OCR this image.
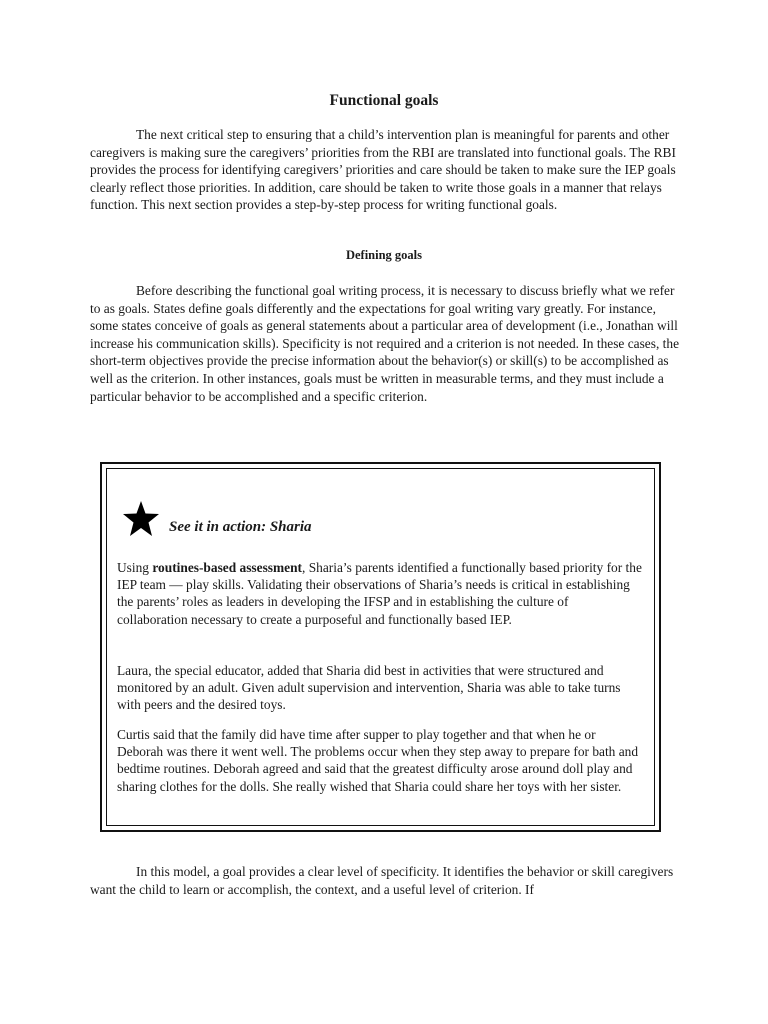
Functional goals

The next critical step to ensuring that a child’s intervention plan is meaningful for parents and other caregivers is making sure the caregivers’ priorities from the RBI are translated into functional goals. The RBI provides the process for identifying caregivers’ priorities and care should be taken to make sure the IEP goals clearly reflect those priorities. In addition, care should be taken to write those goals in a manner that relays function. This next section provides a step-by-step process for writing functional goals.

Defining goals

Before describing the functional goal writing process, it is necessary to discuss briefly what we refer to as goals. States define goals differently and the expectations for goal writing vary greatly. For instance, some states conceive of goals as general statements about a particular area of development (i.e., Jonathan will increase his communication skills). Specificity is not required and a criterion is not needed. In these cases, the short-term objectives provide the precise information about the behavior(s) or skill(s) to be accomplished as well as the criterion. In other instances, goals must be written in measurable terms, and they must include a particular behavior to be accomplished and a specific criterion.

See it in action: Sharia

Using routines-based assessment, Sharia’s parents identified a functionally based priority for the IEP team — play skills. Validating their observations of Sharia’s needs is critical in establishing the parents’ roles as leaders in developing the IFSP and in establishing the culture of collaboration necessary to create a purposeful and functionally based IEP.

Laura, the special educator, added that Sharia did best in activities that were structured and monitored by an adult. Given adult supervision and intervention, Sharia was able to take turns with peers and the desired toys.

Curtis said that the family did have time after supper to play together and that when he or Deborah was there it went well. The problems occur when they step away to prepare for bath and bedtime routines. Deborah agreed and said that the greatest difficulty arose around doll play and sharing clothes for the dolls. She really wished that Sharia could share her toys with her sister.

In this model, a goal provides a clear level of specificity. It identifies the behavior or skill caregivers want the child to learn or accomplish, the context, and a useful level of criterion. If
